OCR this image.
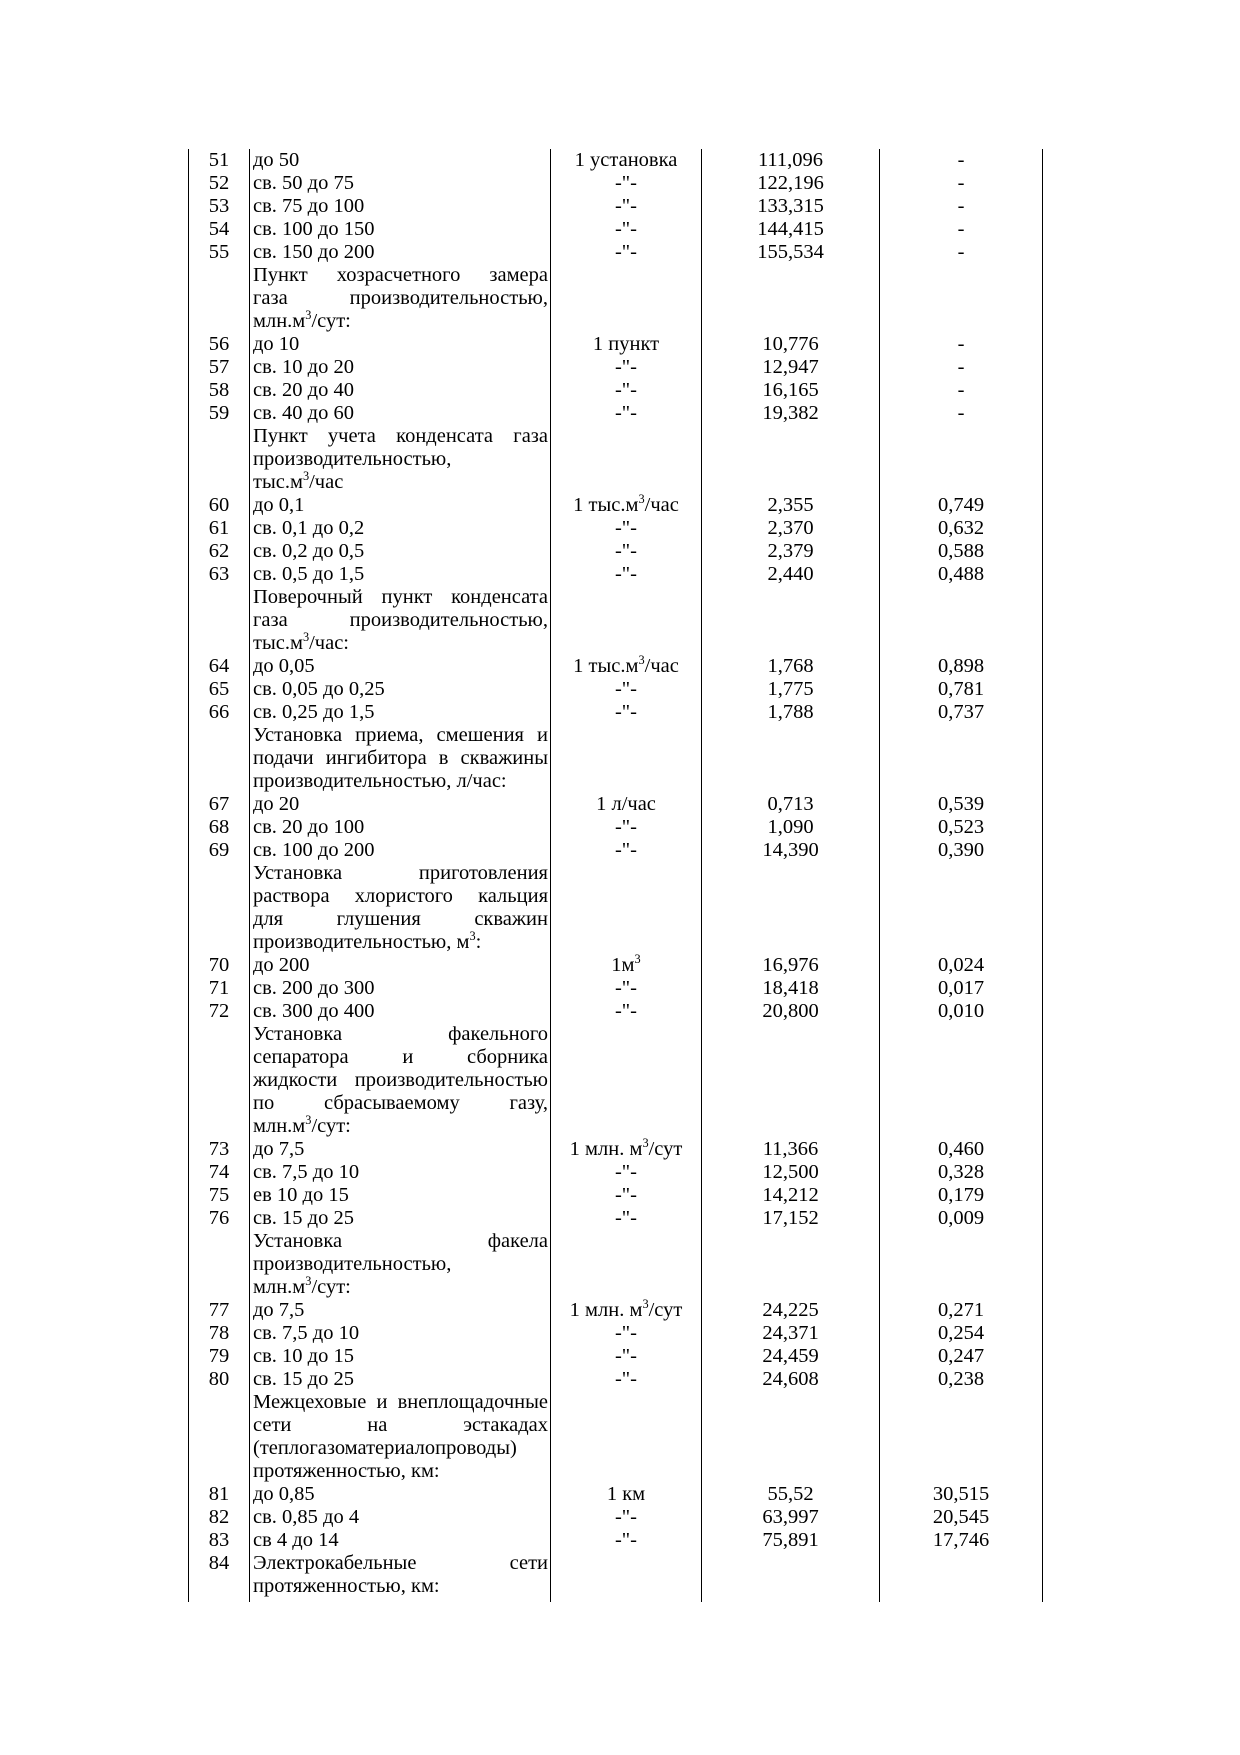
51	до 50	1 установка	111,096	-
52	св. 50 до 75	-"-	122,196	-
53	св. 75 до 100	-"-	133,315	-
54	св. 100 до 150	-"-	144,415	-
55	св. 150 до 200	-"-	155,534	-

	Пункт хозрасчетного замера
газа производительностью,
$млн.м^3$/сут:			

56	до 10	1 пункт	10,776	-
57	св. 10 до 20	-"-	12,947	-
58	св. 20 до 40	-"-	16,165	-
59	св. 40 до 60	-"-	19,382	-

	Пункт учета конденсата газа
производительностью,
$тыс.м^3$/час			

60	до 0,1	1 $тыс.м^3$/час	2,355	0,749
61	св. 0,1 до 0,2	-"-	2,370	0,632
62	св. 0,2 до 0,5	-"-	2,379	0,588
63	св. 0,5 до 1,5	-"-	2,440	0,488

	Поверочный пункт конденсата
газа производительностью,
$тыс.м^3$/час:			

64	до 0,05	1 $тыс.м^3$/час	1,768	0,898
65	св. 0,05 до 0,25	-"-	1,775	0,781
66	св. 0,25 до 1,5	-"-	1,788	0,737

	Установка приема, смешения и
подачи ингибитора в скважины
производительностью, л/час:			

67	до 20	1 л/час	0,713	0,539
68	св. 20 до 100	-"-	1,090	0,523
69	св. 100 до 200	-"-	14,390	0,390

	Установка приготовления
раствора хлористого кальция
для глушения скважин
производительностью, $м^3$:			

70	до 200	$1м^3$	16,976	0,024
71	св. 200 до 300	-"-	18,418	0,017
72	св. 300 до 400	-"-	20,800	0,010

	Установка факельного
сепаратора и сборника
жидкости производительностью
по сбрасываемому газу,
$млн.м^3$/сут:			

73	до 7,5	1 млн. $м^3$/сут	11,366	0,460
74	св. 7,5 до 10	-"-	12,500	0,328
75	ев 10 до 15	-"-	14,212	0,179
76	св. 15 до 25	-"-	17,152	0,009

	Установка факела
производительностью,
$млн.м^3$/сут:			

77	до 7,5	1 млн. $м^3$/сут	24,225	0,271
78	св. 7,5 до 10	-"-	24,371	0,254
79	св. 10 до 15	-"-	24,459	0,247
80	св. 15 до 25	-"-	24,608	0,238

	Межцеховые и внеплощадочные
сети на эстакадах
(теплогазоматериалопроводы)
протяженностью, км:			

81	до 0,85	1 км	55,52	30,515
82	св. 0,85 до 4	-"-	63,997	20,545
83	св 4 до 14	-"-	75,891	17,746
84	Электрокабельные сети
протяженностью, км:			
